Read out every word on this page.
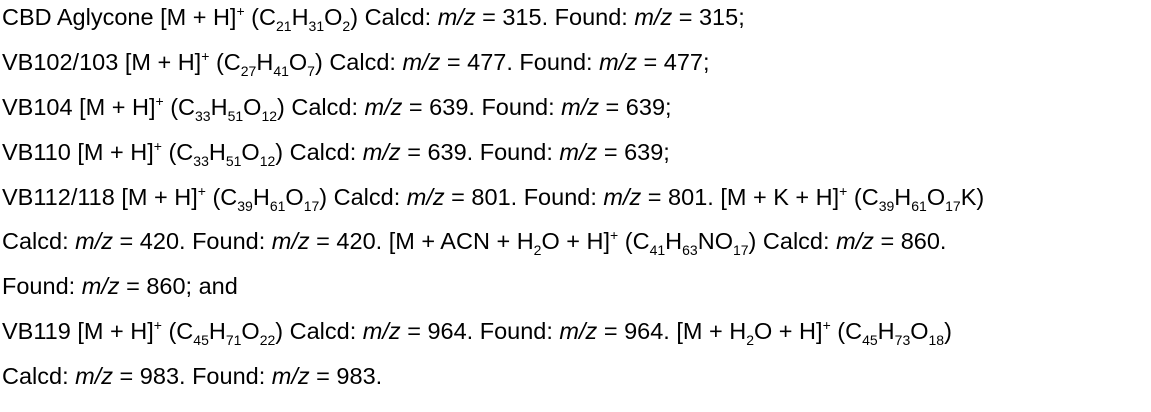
CBD Aglycone [M + H]+ $(C_{21}H_{31}O_2)$ Calcd: m/z = 315. Found: m/z = 315;
VB102/103 [M + H]+ $(C_{27}H_{41}O_7)$ Calcd: m/z = 477. Found: m/z = 477;
VB104 [M + H]+ $(C_{33}H_{51}O_{12})$ Calcd: m/z = 639. Found: m/z = 639;
VB110 [M + H]+ $(C_{33}H_{51}O_{12})$ Calcd: m/z = 639. Found: m/z = 639;
VB112/118 [M + H]+ $(C_{39}H_{61}O_{17})$ Calcd: m/z = 801. Found: m/z = 801. [M + K + H]+ $(C_{39}H_{61}O_{17}K)$
Calcd: m/z = 420. Found: m/z = 420. [M + ACN + $H_2O + H]^+$ $(C_{41}H_{63}NO_{17})$ Calcd: m/z = 860.
Found: m/z = 860; and
VB119 [M + H]+ $(C_{45}H_{71}O_{22})$ Calcd: m/z = 964. Found: m/z = 964. $[M + H_2O + H]^+$ $(C_{45}H_{73}O_{18})$
Calcd: m/z = 983. Found: m/z = 983.
